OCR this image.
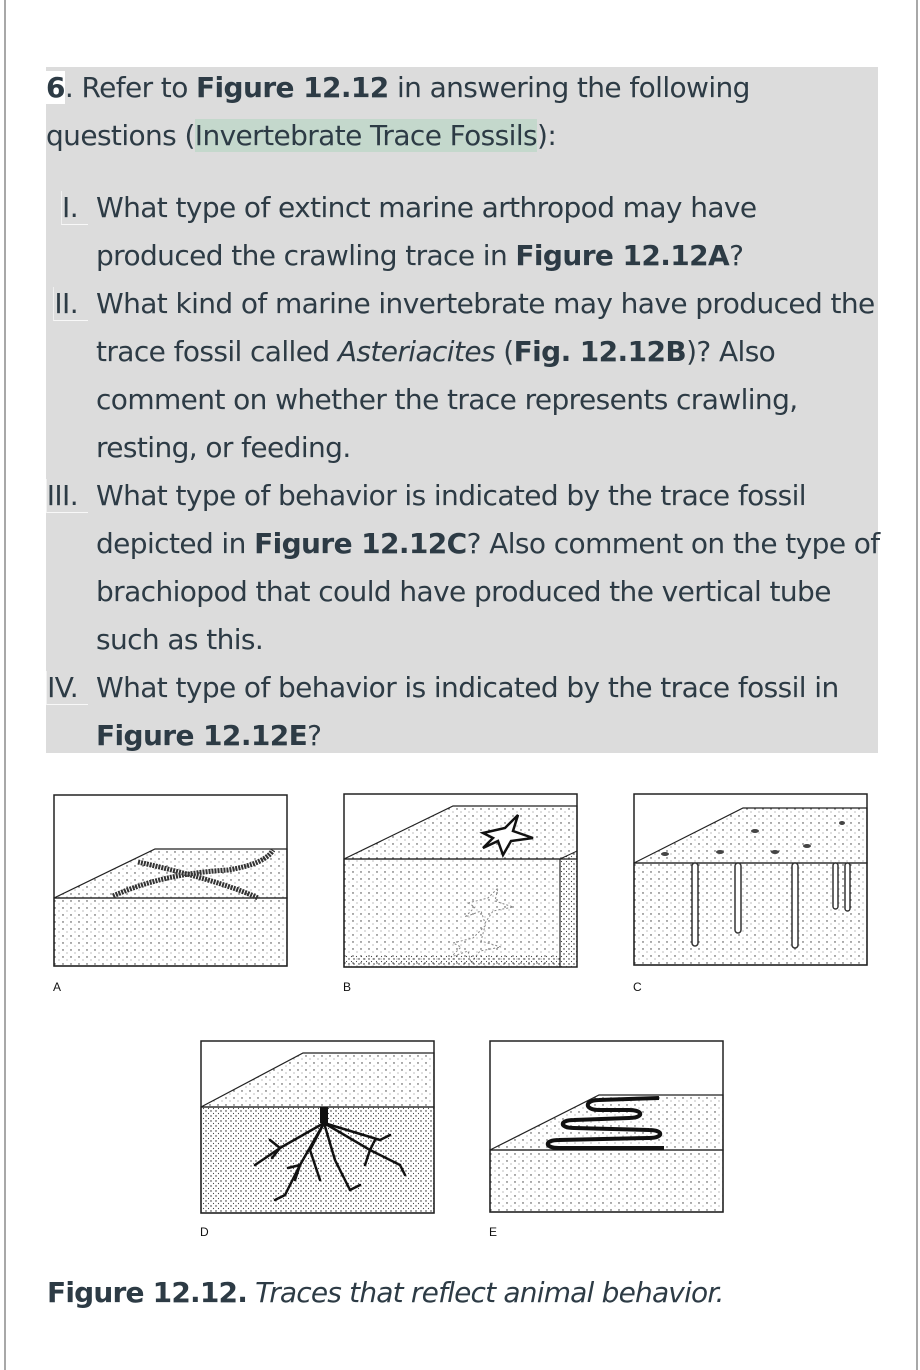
6. Refer to Figure 12.12 in answering the following questions (Invertebrate Trace Fossils):
I. What type of extinct marine arthropod may have produced the crawling trace in Figure 12.12A?
II. What kind of marine invertebrate may have produced the trace fossil called Asteriacites (Fig. 12.12B)? Also comment on whether the trace represents crawling, resting, or feeding.
III. What type of behavior is indicated by the trace fossil depicted in Figure 12.12C? Also comment on the type of brachiopod that could have produced the vertical tube such as this.
IV. What type of behavior is indicated by the trace fossil in Figure 12.12E?
A	B	C
D	E
Figure 12.12. Traces that reflect animal behavior.
